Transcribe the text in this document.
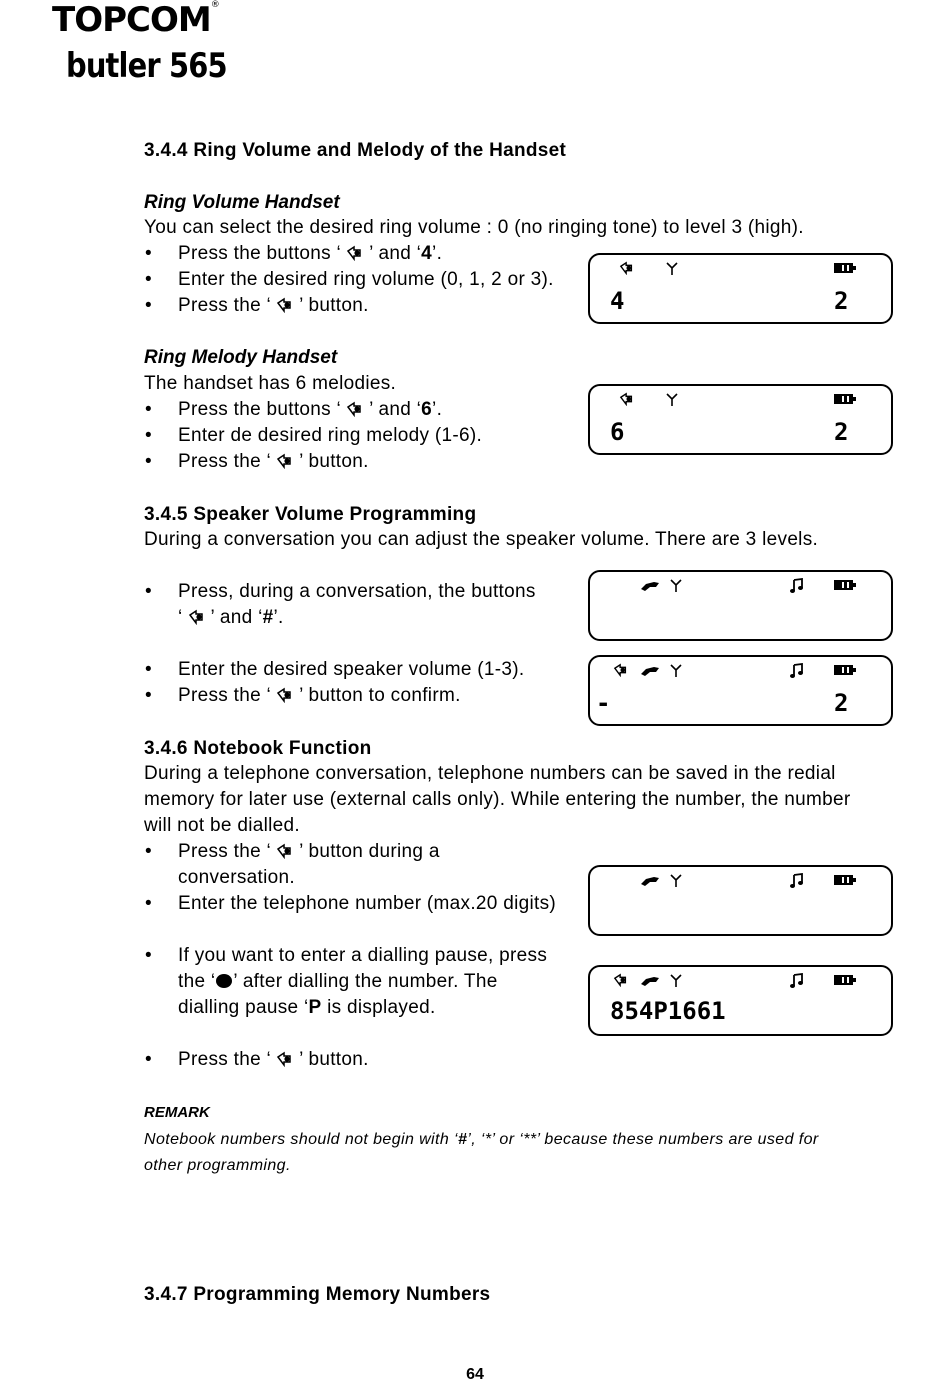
TOPCOM®
butler 565
3.4.4 Ring Volume and Melody of the Handset
Ring Volume Handset
You can select the desired ring volume : 0 (no ringing tone) to level 3 (high).
• Press the buttons ‘ ’ and ‘4’.
• Enter the desired ring volume (0, 1, 2 or 3).
• Press the ‘ ’ button.
Ring Melody Handset
The handset has 6 melodies.
• Press the buttons ‘ ’ and ‘6’.
• Enter de desired ring melody (1-6).
• Press the ‘ ’ button.
4	2
6	2
3.4.5 Speaker Volume Programming
During a conversation you can adjust the speaker volume. There are 3 levels.
• Press, during a conversation, the buttons
‘ ’ and ‘#’.
• Enter the desired speaker volume (1-3).
• Press the ‘ ’ button to confirm.	-	2
3.4.6 Notebook Function
During a telephone conversation, telephone numbers can be saved in the redial
memory for later use (external calls only). While entering the number, the number
will not be dialled.
• Press the ‘ ’ button during a
conversation.
• Enter the telephone number (max.20 digits)
• If you want to enter a dialling pause, press
the ‘ ’ after dialling the number. The
dialling pause ‘P is displayed.
• Press the ‘ ’ button.
854P1661
REMARK
Notebook numbers should not begin with ‘#’, ‘*’ or ‘**’ because these numbers are used for
other programming.
3.4.7 Programming Memory Numbers
64
